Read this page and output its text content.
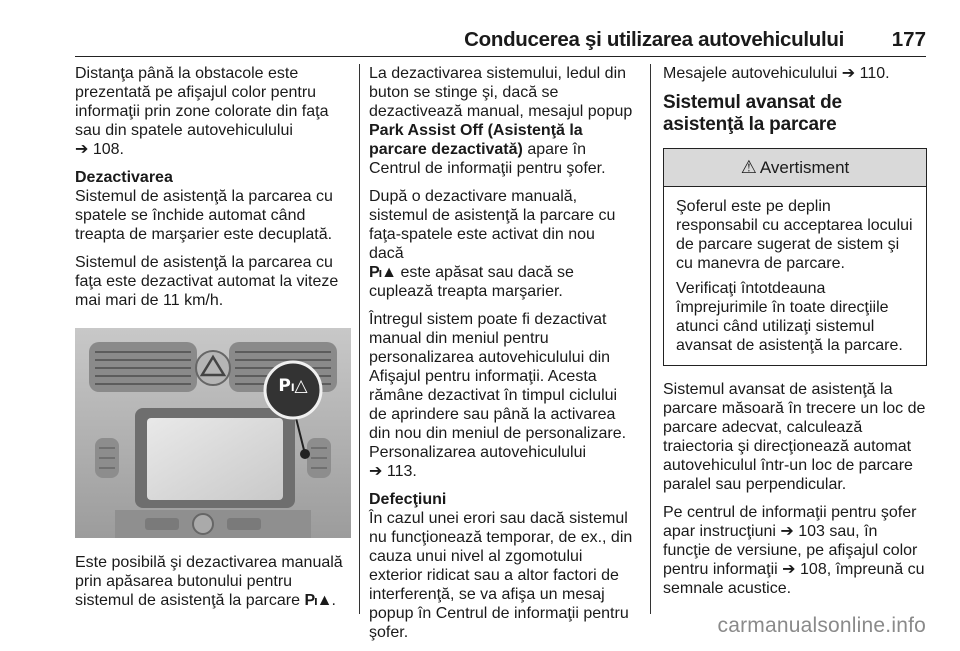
Conducerea şi utilizarea autovehiculului 177

Distanţa până la obstacole este prezentată pe afişajul color pentru informaţii prin zone colorate din faţa sau din spatele autovehiculului
➔ 108.

Dezactivarea

Sistemul de asistenţă la parcarea cu spatele se închide automat când treapta de marşarier este decuplată.

Sistemul de asistenţă la parcarea cu faţa este dezactivat automat la viteze mai mari de 11 km/h.

Pₗ△

Este posibilă şi dezactivarea manuală prin apăsarea butonului pentru sistemul de asistenţă la parcare Pₗ▲.

La dezactivarea sistemului, ledul din buton se stinge şi, dacă se dezactivează manual, mesajul popup Park Assist Off (Asistenţă la parcare dezactivată) apare în Centrul de informaţii pentru şofer.

După o dezactivare manuală, sistemul de asistenţă la parcare cu faţa-spatele este activat din nou dacă
Pₗ▲ este apăsat sau dacă se cuplează treapta marşarier.

Întregul sistem poate fi dezactivat manual din meniul pentru personalizarea autovehiculului din Afişajul pentru informaţii. Acesta rămâne dezactivat în timpul ciclului de aprindere sau până la activarea din nou din meniul de personalizare. Personalizarea autovehiculului
➔ 113.

Defecţiuni

În cazul unei erori sau dacă sistemul nu funcţionează temporar, de ex., din cauza unui nivel al zgomotului exterior ridicat sau a altor factori de interferenţă, se va afişa un mesaj popup în Centrul de informaţii pentru şofer.

Mesajele autovehiculului ➔ 110.

Sistemul avansat de asistenţă la parcare

⚠ Avertisment

Şoferul este pe deplin responsabil cu acceptarea locului de parcare sugerat de sistem şi cu manevra de parcare.

Verificaţi întotdeauna împrejurimile în toate direcţiile atunci când utilizaţi sistemul avansat de asistenţă la parcare.

Sistemul avansat de asistenţă la parcare măsoară în trecere un loc de parcare adecvat, calculează traiectoria şi direcţionează automat autovehiculul într-un loc de parcare paralel sau perpendicular.

Pe centrul de informaţii pentru şofer apar instrucţiuni ➔ 103 sau, în funcţie de versiune, pe afişajul color pentru informaţii ➔ 108, împreună cu semnale acustice.

carmanualsonline.info
